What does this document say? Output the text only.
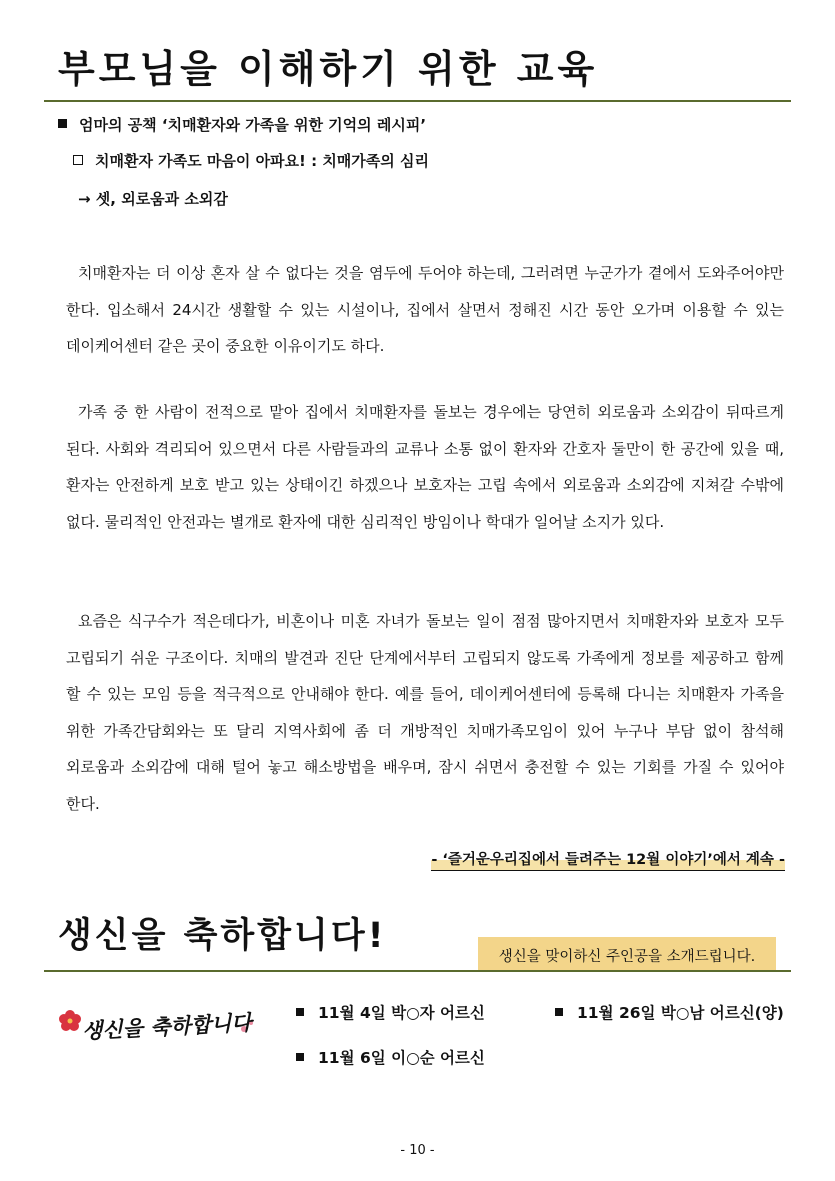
부모님을 이해하기 위한 교육
엄마의 공책 ‘치매환자와 가족을 위한 기억의 레시피’
치매환자 가족도 마음이 아파요! : 치매가족의 심리
→ 셋, 외로움과 소외감
치매환자는 더 이상 혼자 살 수 없다는 것을 염두에 두어야 하는데, 그러려면 누군가가 곁에서 도와주어야만 한다. 입소해서 24시간 생활할 수 있는 시설이나, 집에서 살면서 정해진 시간 동안 오가며 이용할 수 있는 데이케어센터 같은 곳이 중요한 이유이기도 하다.
가족 중 한 사람이 전적으로 맡아 집에서 치매환자를 돌보는 경우에는 당연히 외로움과 소외감이 뒤따르게 된다. 사회와 격리되어 있으면서 다른 사람들과의 교류나 소통 없이 환자와 간호자 둘만이 한 공간에 있을 때, 환자는 안전하게 보호 받고 있는 상태이긴 하겠으나 보호자는 고립 속에서 외로움과 소외감에 지쳐갈 수밖에 없다. 물리적인 안전과는 별개로 환자에 대한 심리적인 방임이나 학대가 일어날 소지가 있다.
요즘은 식구수가 적은데다가, 비혼이나 미혼 자녀가 돌보는 일이 점점 많아지면서 치매환자와 보호자 모두 고립되기 쉬운 구조이다. 치매의 발견과 진단 단계에서부터 고립되지 않도록 가족에게 정보를 제공하고 함께 할 수 있는 모임 등을 적극적으로 안내해야 한다. 예를 들어, 데이케어센터에 등록해 다니는 치매환자 가족을 위한 가족간담회와는 또 달리 지역사회에 좀 더 개방적인 치매가족모임이 있어 누구나 부담 없이 참석해 외로움과 소외감에 대해 털어 놓고 해소방법을 배우며, 잠시 쉬면서 충전할 수 있는 기회를 가질 수 있어야 한다.
- ‘즐거운우리집에서 들려주는 12월 이야기’에서 계속 -
생신을 축하합니다!
생신을 맞이하신 주인공을 소개드립니다.
생신을 축하합니다	11월 4일 박○자 어르신	11월 26일 박○남 어르신(양)
11월 6일 이○순 어르신
- 10 -
